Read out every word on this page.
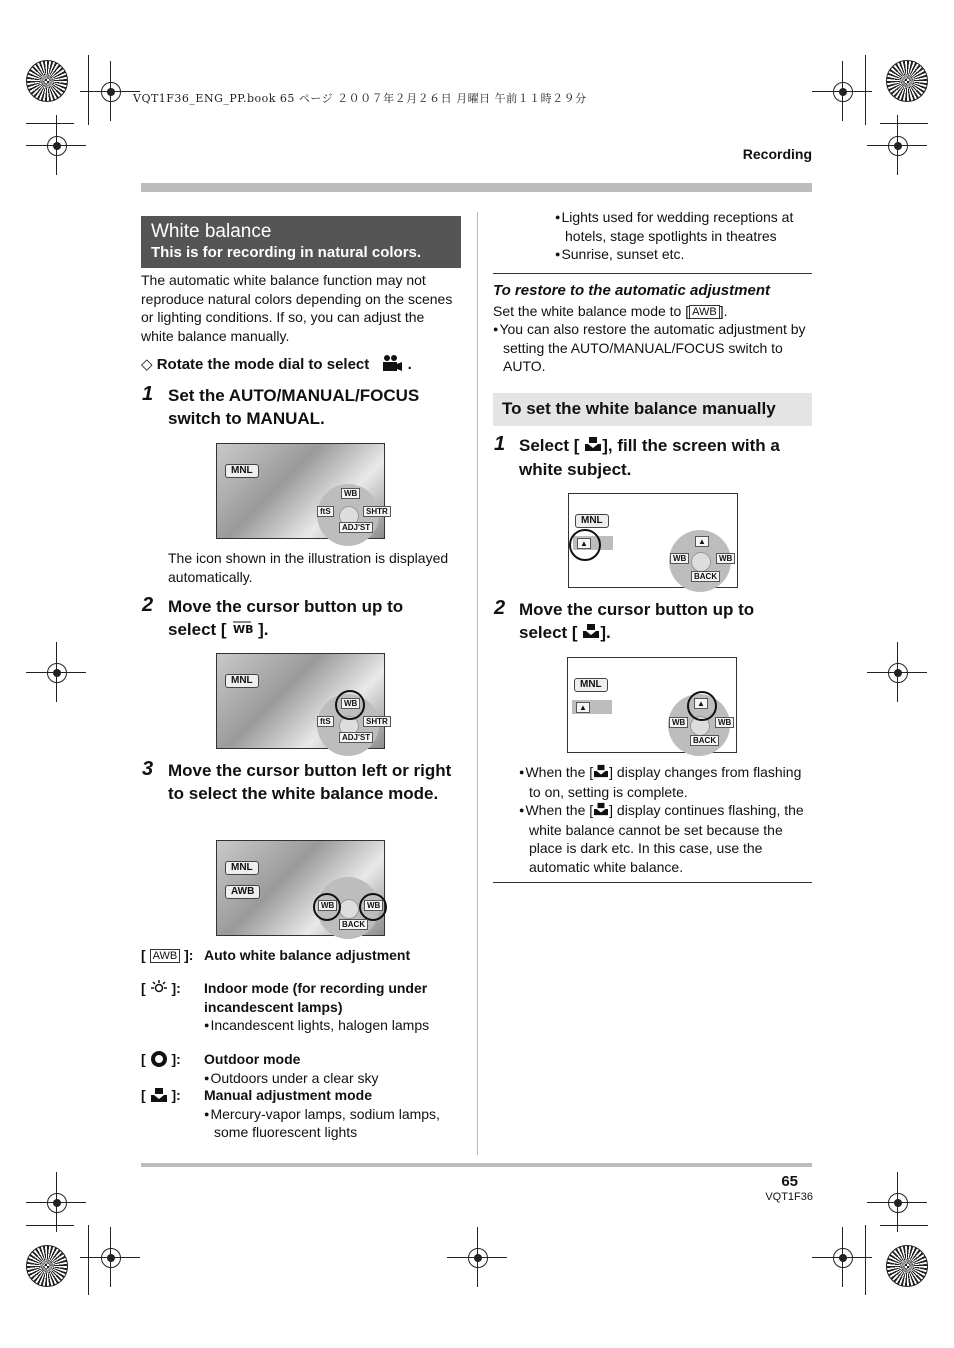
VQT1F36_ENG_PP.book 65 ページ ２００７年２月２６日 月曜日 午前１１時２９分
Recording
White balance
This is for recording in natural colors.
The automatic white balance function may not reproduce natural colors depending on the scenes or lighting conditions. If so, you can adjust the white balance manually.
◇ Rotate the mode dial to select	.
1 Set the AUTO/MANUAL/FOCUS switch to MANUAL.
MNL
WB
ftS	SHTR
ADJ'ST
The icon shown in the illustration is displayed automatically.
2 Move the cursor button up to
select [ WB ].
MNL
WB
ftS	SHTR
ADJ'ST
3 Move the cursor button left or right to select the white balance mode.
MNL
AWB
WB	WB
BACK
[ AWB ]: Auto white balance adjustment
[  ]: Indoor mode (for recording under incandescent lamps)
● Incandescent lights, halogen lamps
[  ]: Outdoor mode
● Outdoors under a clear sky
[  ]: Manual adjustment mode
● Mercury-vapor lamps, sodium lamps, some fluorescent lights
● Lights used for wedding receptions at hotels, stage spotlights in theatres
● Sunrise, sunset etc.
To restore to the automatic adjustment
Set the white balance mode to [ AWB ].
● You can also restore the automatic adjustment by setting the AUTO/MANUAL/FOCUS switch to AUTO.
To set the white balance manually
1 Select [ ], fill the screen with a white subject.
MNL
▲	▲
WB	WB
BACK
2 Move the cursor button up to
select [ ].
MNL
▲	▲
WB	WB
BACK
● When the [ ] display changes from flashing to on, setting is complete.
● When the [ ] display continues flashing, the white balance cannot be set because the place is dark etc. In this case, use the automatic white balance.
65
VQT1F36
